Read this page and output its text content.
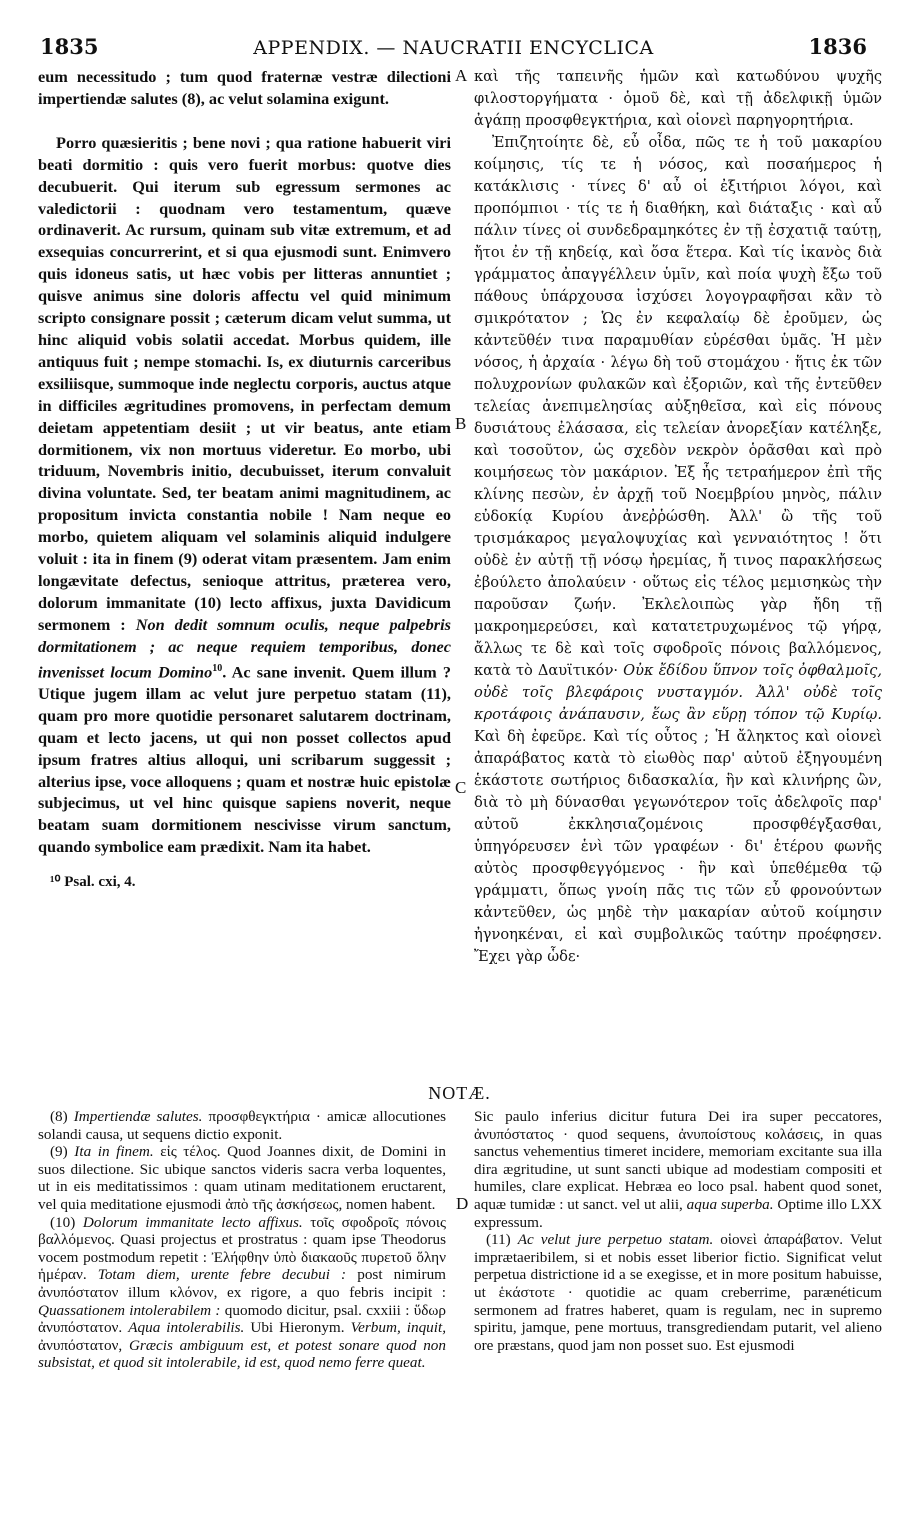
1835	APPENDIX. — NAUCRATII ENCYCLICA	1836
A
B
C
D

eum necessitudo ; tum quod fraternæ vestræ dilectioni impertiendæ salutes (8), ac velut solamina exigunt.

Porro quæsieritis ; bene novi ; qua ratione habuerit viri beati dormitio : quis vero fuerit morbus: quotve dies decubuerit. Qui iterum sub egressum sermones ac valedictorii : quodnam vero testamentum, quæve ordinaverit. Ac rursum, quinam sub vitæ extremum, et ad exsequias concurrerint, et si qua ejusmodi sunt. Enimvero quis idoneus satis, ut hæc vobis per litteras annuntiet ; quisve animus sine doloris affectu vel quid minimum scripto consignare possit ; cæterum dicam velut summa, ut hinc aliquid vobis solatii accedat. Morbus quidem, ille antiquus fuit ; nempe stomachi. Is, ex diuturnis carceribus exsiliisque, summoque inde neglectu corporis, auctus atque in difficiles ægritudines promovens, in perfectam demum deietam appetentiam desiit ; ut vir beatus, ante etiam dormitionem, vix non mortuus videretur. Eo morbo, ubi triduum, Novembris initio, decubuisset, iterum convaluit divina voluntate. Sed, ter beatam animi magnitudinem, ac propositum invicta constantia nobile ! Nam neque eo morbo, quietem aliquam vel solaminis aliquid indulgere voluit : ita in finem (9) oderat vitam præsentem. Jam enim longævitate defectus, senioque attritus, præterea vero, dolorum immanitate (10) lecto affixus, juxta Davidicum sermonem : Non dedit somnum oculis, neque palpebris dormitationem ; ac neque requiem temporibus, donec invenisset locum Domino$^{10}$. Ac sane invenit. Quem illum ? Utique jugem illam ac velut jure perpetuo statam (11), quam pro more quotidie personaret salutarem doctrinam, quam et lecto jacens, ut qui non posset collectos apud ipsum fratres altius alloqui, uni scribarum suggessit ; alterius ipse, voce alloquens ; quam et nostræ huic epistolæ subjecimus, ut vel hinc quisque sapiens noverit, neque beatam suam dormitionem nescivisse virum sanctum, quando symbolice eam prædixit. Nam ita habet.

¹⁰ Psal. cxi, 4.

καὶ τῆς ταπεινῆς ἡμῶν καὶ κατωδύνου ψυχῆς φιλοστοργήματα · ὁμοῦ δὲ, καὶ τῇ ἀδελφικῇ ὑμῶν ἀγάπῃ προσφθεγκτήρια, καὶ οἱονεὶ παρηγορητήρια.

Ἐπιζητοίητε δὲ, εὖ οἶδα, πῶς τε ἡ τοῦ μακαρίου κοίμησις, τίς τε ἡ νόσος, καὶ ποσαήμερος ἡ κατάκλισις · τίνες δ' αὖ οἱ ἐξιτήριοι λόγοι, καὶ προπόμπιοι · τίς τε ἡ διαθήκη, καὶ διάταξις · καὶ αὖ πάλιν τίνες οἱ συνδεδραμηκότες ἐν τῇ ἐσχατιᾷ ταύτῃ, ἤτοι ἐν τῇ κηδείᾳ, καὶ ὅσα ἕτερα. Καὶ τίς ἱκανὸς διὰ γράμματος ἀπαγγέλλειν ὑμῖν, καὶ ποία ψυχὴ ἔξω τοῦ πάθους ὑπάρχουσα ἰσχύσει λογογραφῆσαι κἂν τὸ σμικρότατον ; Ὡς ἐν κεφαλαίῳ δὲ ἐροῦμεν, ὡς κἀντεῦθέν τινα παραμυθίαν εὑρέσθαι ὑμᾶς. Ἡ μὲν νόσος, ἡ ἀρχαία · λέγω δὴ τοῦ στομάχου · ἥτις ἐκ τῶν πολυχρονίων φυλακῶν καὶ ἐξοριῶν, καὶ τῆς ἐντεῦθεν τελείας ἀνεπιμελησίας αὐξηθεῖσα, καὶ εἰς πόνους δυσιάτους ἐλάσασα, εἰς τελείαν ἀνορεξίαν κατέληξε, καὶ τοσοῦτον, ὡς σχεδὸν νεκρὸν ὁρᾶσθαι καὶ πρὸ κοιμήσεως τὸν μακάριον. Ἐξ ἧς τετραήμερον ἐπὶ τῆς κλίνης πεσὼν, ἐν ἀρχῇ τοῦ Νοεμβρίου μηνὸς, πάλιν εὐδοκίᾳ Κυρίου ἀνεῤῥώσθη. Ἀλλ' ὢ τῆς τοῦ τρισμάκαρος μεγαλοψυχίας καὶ γενναιότητος ! ὅτι οὐδὲ ἐν αὐτῇ τῇ νόσῳ ἠρεμίας, ἤ τινος παρακλήσεως ἐβούλετο ἀπολαύειν · οὕτως εἰς τέλος μεμισηκὼς τὴν παροῦσαν ζωήν. Ἐκλελοιπὼς γὰρ ἤδη τῇ μακροημερεύσει, καὶ κατατετρυχωμένος τῷ γήρᾳ, ἄλλως τε δὲ καὶ τοῖς σφοδροῖς πόνοις βαλλόμενος, κατὰ τὸ Δαυϊτικόν· Οὐκ ἔδίδου ὕπνον τοῖς ὀφθαλμοῖς, οὐδὲ τοῖς βλεφάροις νυσταγμόν. Ἀλλ' οὐδὲ τοῖς κροτάφοις ἀνάπαυσιν, ἕως ἂν εὕρῃ τόπον τῷ Κυρίῳ. Καὶ δὴ ἐφεῦρε. Καὶ τίς οὗτος ; Ἡ ἄληκτος καὶ οἱονεὶ ἀπαράβατος κατὰ τὸ εἰωθὸς παρ' αὐτοῦ ἐξηγουμένη ἑκάστοτε σωτήριος διδασκαλία, ἣν καὶ κλινήρης ὢν, διὰ τὸ μὴ δύνασθαι γεγωνότερον τοῖς ἀδελφοῖς παρ' αὐτοῦ ἐκκλησιαζομένοις προσφθέγξασθαι, ὑπηγόρευσεν ἑνὶ τῶν γραφέων · δι' ἑτέρου φωνῆς αὐτὸς προσφθεγγόμενος · ἣν καὶ ὑπεθέμεθα τῷ γράμματι, ὅπως γνοίη πᾶς τις τῶν εὖ φρονούντων κἀντεῦθεν, ὡς μηδὲ τὴν μακαρίαν αὐτοῦ κοίμησιν ἠγνοηκέναι, εἰ καὶ συμβολικῶς ταύτην προέφησεν. Ἔχει γὰρ ὧδε·

NOTÆ.

(8) Impertiendæ salutes. προσφθεγκτήρια · amicæ allocutiones solandi causa, ut sequens dictio exponit.

(9) Ita in finem. εἰς τέλος. Quod Joannes dixit, de Domini in suos dilectione. Sic ubique sanctos videris sacra verba loquentes, ut in eis meditatissimos : quam utinam meditationem eructarent, vel quia meditatione ejusmodi ἀπὸ τῆς ἀσκήσεως, nomen habent.

(10) Dolorum immanitate lecto affixus. τοῖς σφοδροῖς πόνοις βαλλόμενος. Quasi projectus et prostratus : quam ipse Theodorus vocem postmodum repetit : Ἐλήφθην ὑπὸ διακαοῦς πυρετοῦ ὅλην ἡμέραν. Totam diem, urente febre decubui : post nimirum ἀνυπόστατον illum κλόνον, ex rigore, a quo febris incipit : Quassationem intolerabilem : quomodo dicitur, psal. cxxiii : ὕδωρ ἀνυπόστατον. Aqua intolerabilis. Ubi Hieronym. Verbum, inquit, ἀνυπόστατον, Græcis ambiguum est, et potest sonare quod non subsistat, et quod sit intolerabile, id est, quod nemo ferre queat.

Sic paulo inferius dicitur futura Dei ira super peccatores, ἀνυπόστατος · quod sequens, ἀνυποίστους κολάσεις, in quas sanctus vehementius timeret incidere, memoriam excitante sua illa dira ægritudine, ut sunt sancti ubique ad modestiam compositi et humiles, clare explicat. Hebræa eo loco psal. habent quod sonet, aquæ tumidæ : ut sanct. vel ut alii, aqua superba. Optime illo LXX expressum.

(11) Ac velut jure perpetuo statam. οἱονεὶ ἀπαράβατον. Velut imprætaeribilem, si et nobis esset liberior fictio. Significat velut perpetua districtione id a se exegisse, et in more positum habuisse, ut ἑκάστοτε · quotidie ac quam creberrime, parænéticum sermonem ad fratres haberet, quam is regulam, nec in supremo spiritu, jamque, pene mortuus, transgrediendam putarit, vel alieno ore præstans, quod jam non posset suo. Est ejusmodi
